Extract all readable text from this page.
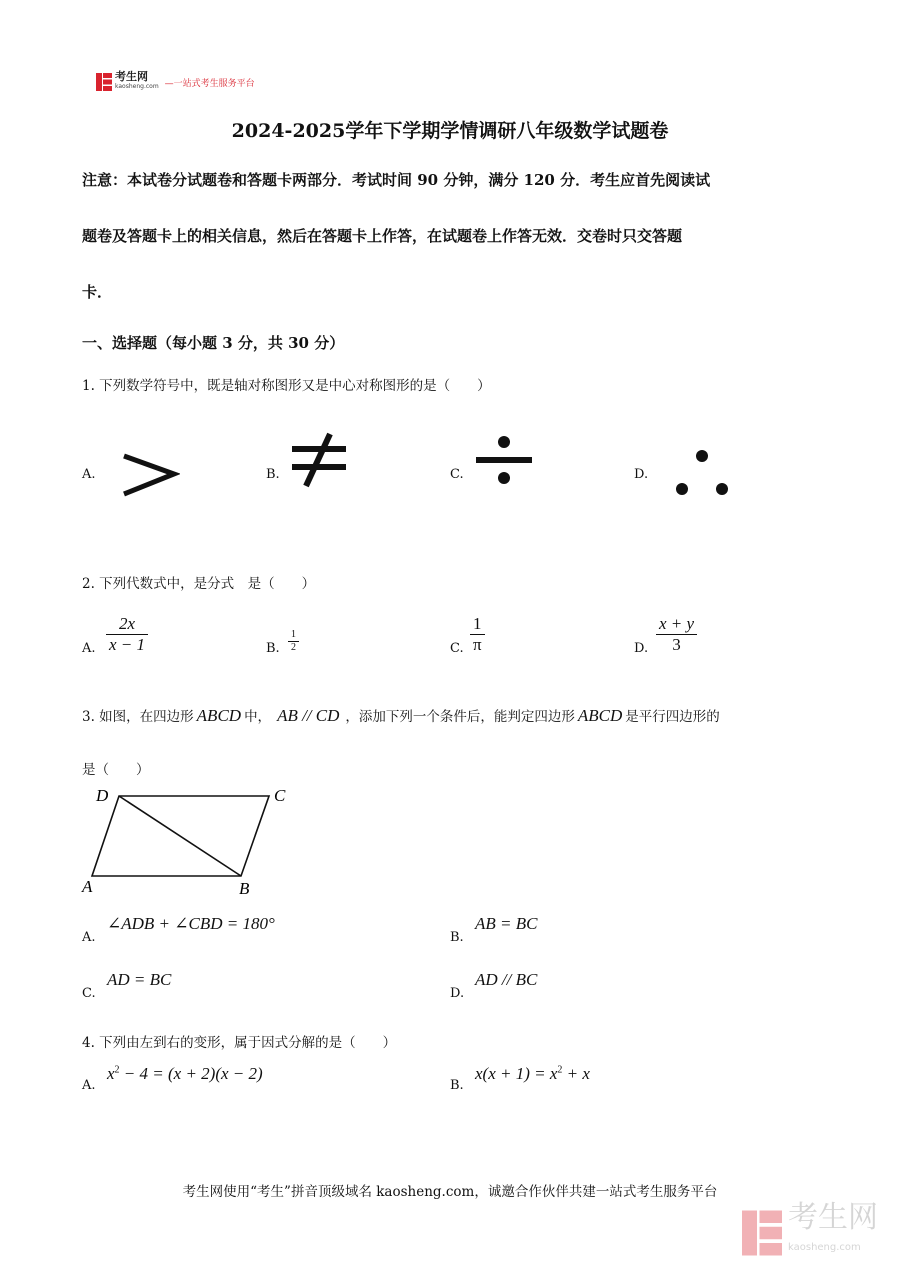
考生网
kaosheng.com —一站式考生服务平台
2024-2025学年下学期学情调研八年级数学试题卷
注意：本试卷分试题卷和答题卡两部分．考试时间 90 分钟，满分 120 分．考生应首先阅读试
题卷及答题卡上的相关信息，然后在答题卡上作答，在试题卷上作答无效．交卷时只交答题
卡．
一、选择题（每小题 3 分，共 30 分）
1. 下列数学符号中，既是轴对称图形又是中心对称图形的是（　　）
A.	B.	C.	D.
2. 下列代数式中，是分式　是（　　）
A.
2x
x − 1	B.
1
2	C.
1
π	D.
x + y
3
3. 如图，在四边形 ABCD 中， AB // CD ，添加下列一个条件后，能判定四边形 ABCD 是平行四边形的
是（　　）
D	C
A	B
A.
∠ADB + ∠CBD = 180°
B.
AB = BC
C.
AD = BC
D.
AD // BC
4. 下列由左到右的变形，属于因式分解的是（　　）
A.
$x^2 - 4 = (x + 2)(x - 2)$
B.
$x(x + 1) = x^2 + x$
考生网使用“考生”拼音顶级域名 kaosheng.com，诚邀合作伙伴共建一站式考生服务平台
考生网
kaosheng.com
